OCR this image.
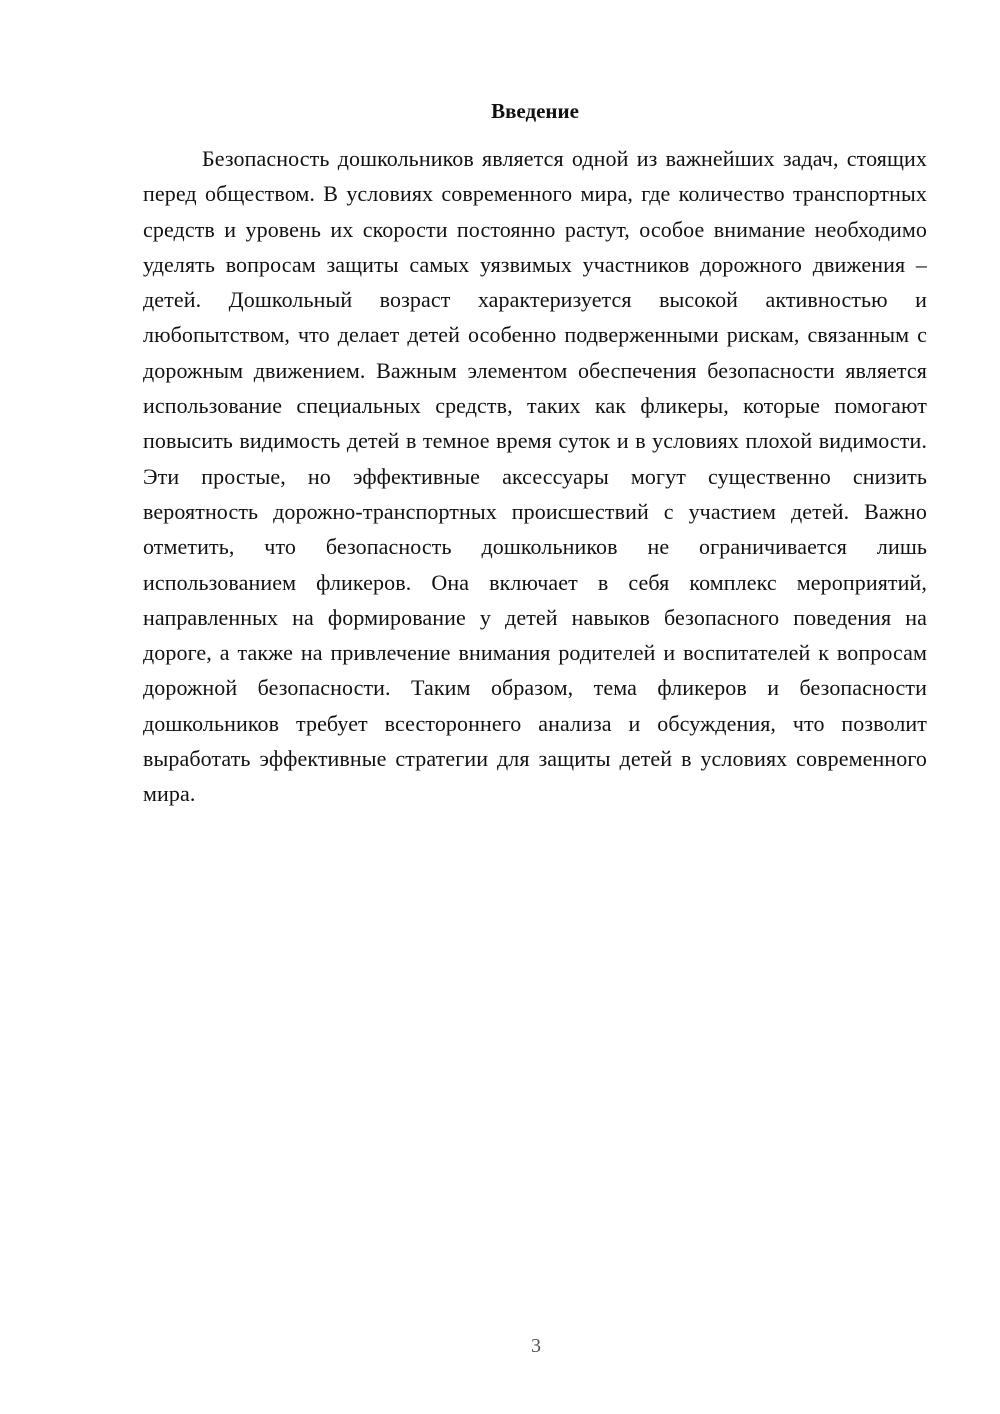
Введение

Безопасность дошкольников является одной из важнейших задач, стоящих перед обществом. В условиях современного мира, где количество транспортных средств и уровень их скорости постоянно растут, особое внимание необходимо уделять вопросам защиты самых уязвимых участников дорожного движения – детей. Дошкольный возраст характеризуется высокой активностью и любопытством, что делает детей особенно подверженными рискам, связанным с дорожным движением. Важным элементом обеспечения безопасности является использование специальных средств, таких как фликеры, которые помогают повысить видимость детей в темное время суток и в условиях плохой видимости. Эти простые, но эффективные аксессуары могут существенно снизить вероятность дорожно-транспортных происшествий с участием детей. Важно отметить, что безопасность дошкольников не ограничивается лишь использованием фликеров. Она включает в себя комплекс мероприятий, направленных на формирование у детей навыков безопасного поведения на дороге, а также на привлечение внимания родителей и воспитателей к вопросам дорожной безопасности. Таким образом, тема фликеров и безопасности дошкольников требует всестороннего анализа и обсуждения, что позволит выработать эффективные стратегии для защиты детей в условиях современного мира.

3
